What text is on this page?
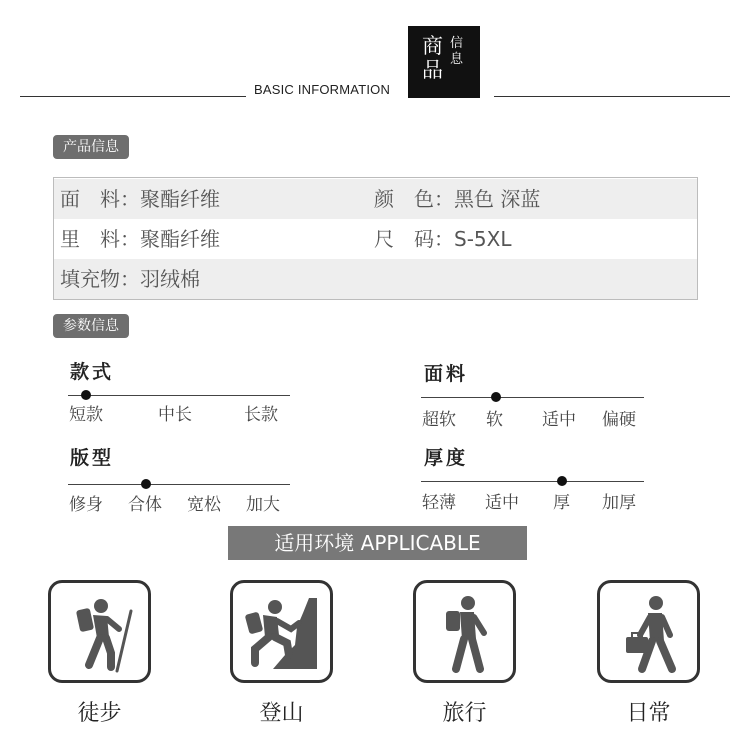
BASIC INFORMATION
商品
信息
产品信息
面　料：聚酯纤维	颜　色：黑色 深蓝
里　料：聚酯纤维	尺　码：S-5XL
填充物：羽绒棉
参数信息
款式
短款	中长	长款
面料
超软 软 适中 偏硬
版型
修身 合体 宽松 加大
厚度
轻薄 适中 厚 加厚
适用环境 APPLICABLE
徒步	登山	旅行	日常
